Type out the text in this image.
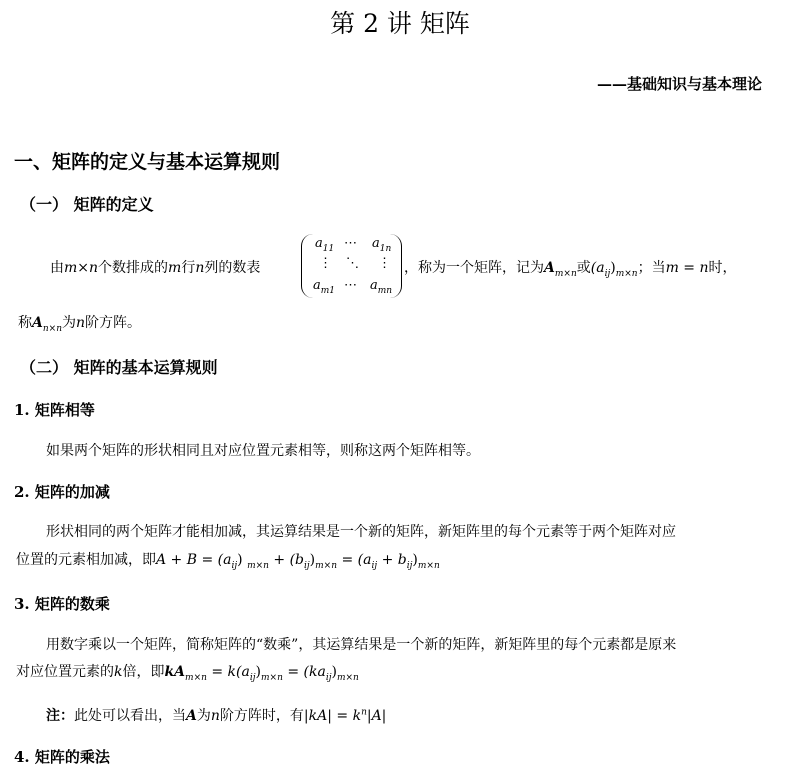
第 2 讲 矩阵
——基础知识与基本理论
一、矩阵的定义与基本运算规则
（一） 矩阵的定义
由m×n个数排成的m行n列的数表
$a_{11}$ ⋯ $a_{1n}$
⋮ ⋱ ⋮
$a_{m1}$ ⋯ $a_{mn}$
，称为一个矩阵，记为$A_{m\times n}$或$(a_{ij})_{m\times n}$；当m = n时，
称$A_{n\times n}$为n阶方阵。
（二） 矩阵的基本运算规则
1. 矩阵相等
如果两个矩阵的形状相同且对应位置元素相等，则称这两个矩阵相等。
2. 矩阵的加减
形状相同的两个矩阵才能相加减，其运算结果是一个新的矩阵，新矩阵里的每个元素等于两个矩阵对应
位置的元素相加减，即$A + B = (a_{ij}) _{m\times n} + (b_{ij})_{m\times n} = (a_{ij} + b_{ij})_{m\times n}$
3. 矩阵的数乘
用数字乘以一个矩阵，简称矩阵的“数乘”，其运算结果是一个新的矩阵，新矩阵里的每个元素都是原来
对应位置元素的k倍，即$kA_{m\times n} = k(a_{ij})_{m\times n} = (ka_{ij})_{m\times n}$
注：此处可以看出，当A为n阶方阵时，有$|kA| = k^n|A|$
4. 矩阵的乘法
